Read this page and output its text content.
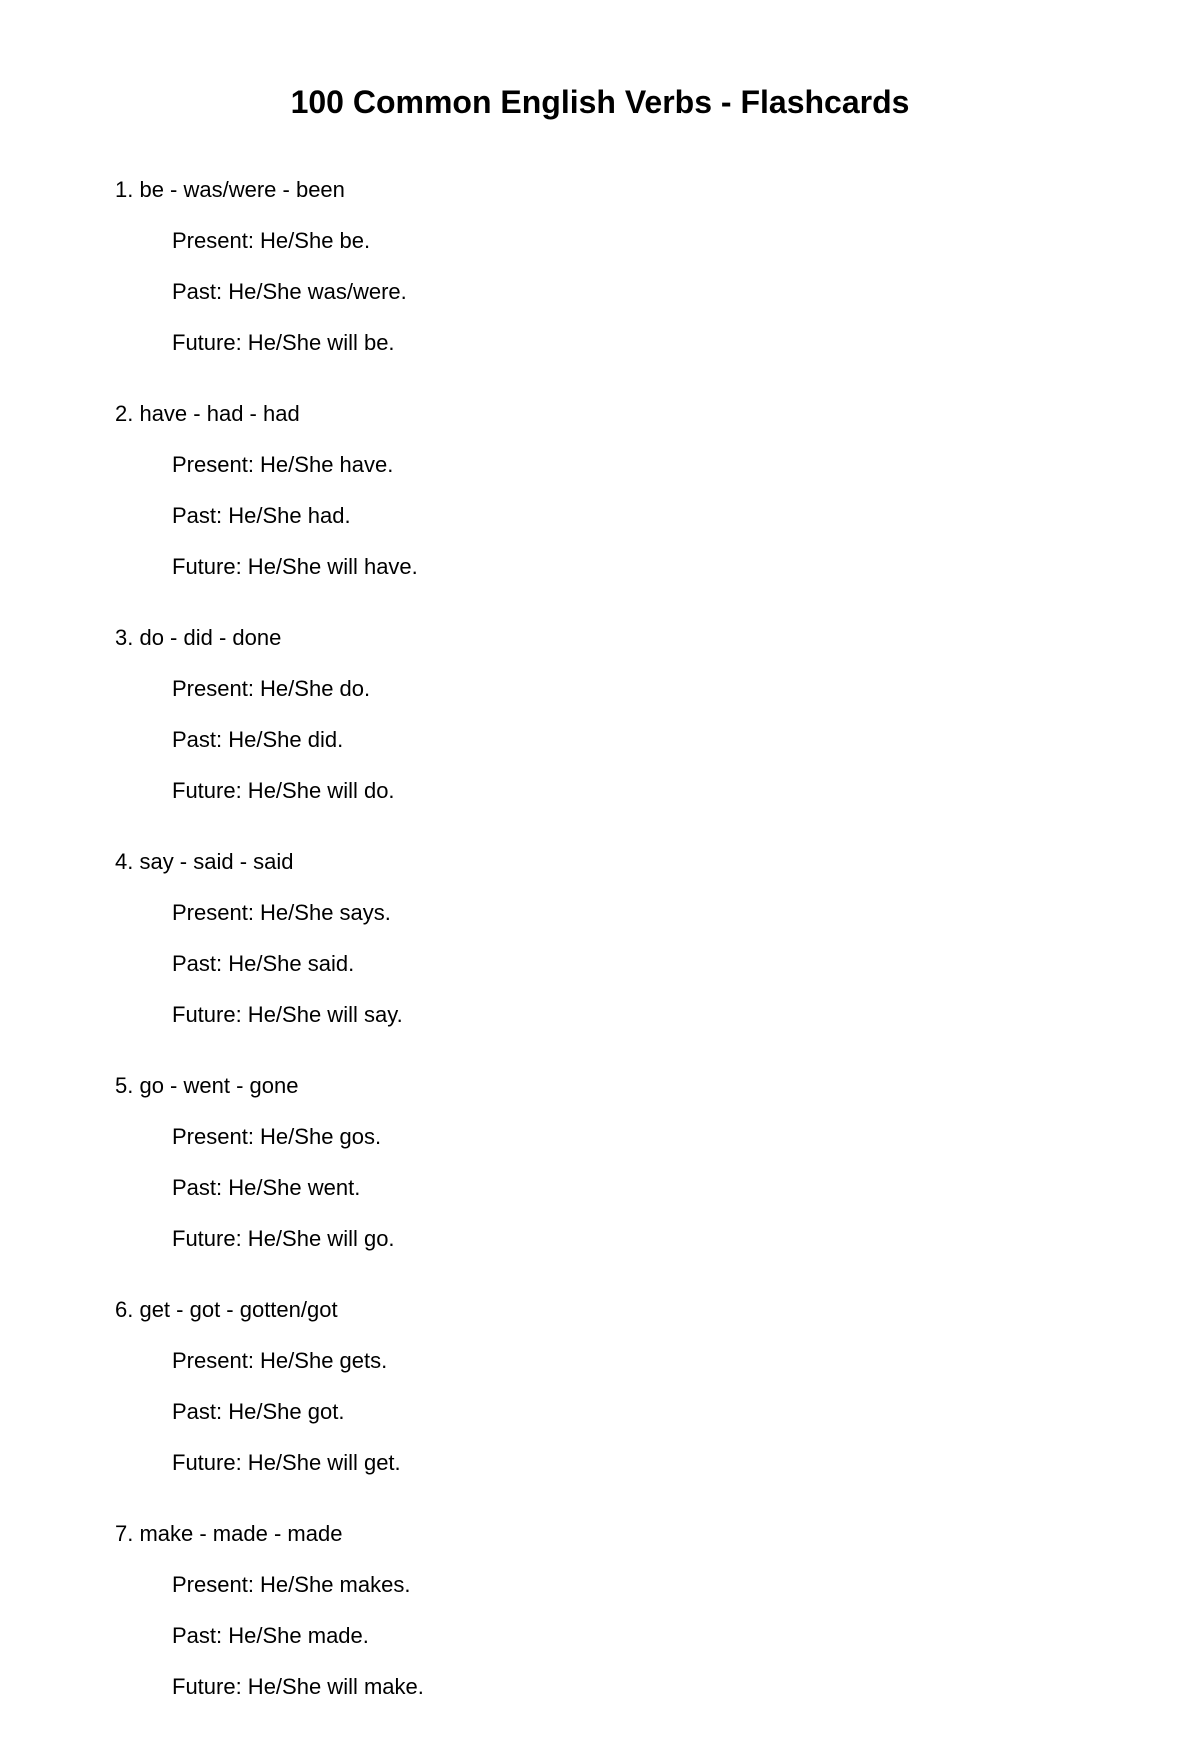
100 Common English Verbs - Flashcards
1. be - was/were - been
Present: He/She be.
Past: He/She was/were.
Future: He/She will be.
2. have - had - had
Present: He/She have.
Past: He/She had.
Future: He/She will have.
3. do - did - done
Present: He/She do.
Past: He/She did.
Future: He/She will do.
4. say - said - said
Present: He/She says.
Past: He/She said.
Future: He/She will say.
5. go - went - gone
Present: He/She gos.
Past: He/She went.
Future: He/She will go.
6. get - got - gotten/got
Present: He/She gets.
Past: He/She got.
Future: He/She will get.
7. make - made - made
Present: He/She makes.
Past: He/She made.
Future: He/She will make.
